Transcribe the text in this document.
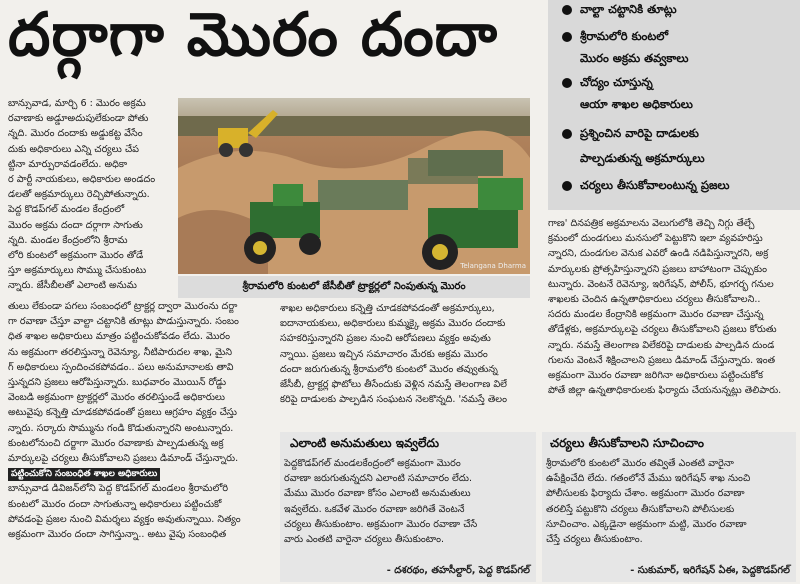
దర్గాగా మొరం దందా	వాల్టా చట్టానికి తూట్లు
శ్రీరామలోరి కుంటలో
మొరం అక్రమ తవ్వకాలు
చోద్యం చూస్తున్న
ఆయా శాఖల అధికారులు
ప్రశ్నించిన వారిపై దాడులకు
పాల్పడుతున్న అక్రమార్కులు
చర్యలు తీసుకోవాలంటున్న ప్రజలు
బాన్సువాడ, మార్చి 6 : మొరం అక్రమ
రవాణాకు అడ్డూఅదుపులేకుండా పోతు
న్నది. మొరం దందాకు అడ్డుకట్ట వేసేం
దుకు అధికారులు ఎన్ని చర్యలు చేప
ట్టినా మార్పురావడంలేదు. అధికా
ర పార్టీ నాయకులు, అధికారుల అండదం
డలతో అక్రమార్కులు రెచ్చిపోతున్నారు.
పెద్ద కొడప్‌గల్ మండల కేంద్రంలో
మొరం అక్రమ దందా దర్గాగా సాగుతు
న్నది. మండల కేంద్రంలోని శ్రీరామ
లోరి కుంటలో అక్రమంగా మొరం తోడే
స్తూ అక్రమార్కులు సొమ్ము చేసుకుంటు
న్నారు. జేసీబీలతో ఎలాంటి అనుమ
Telangana Dharma
శ్రీరామలోరి కుంటలో జేసీబీతో ట్రాక్టర్లలో నింపుతున్న మొరం
గాణ' దినపత్రిక అక్రమాలను వెలుగులోకి తెచ్చి నిగ్గు తేల్చే
క్రమంలో దుండగులు మనసులో పెట్టుకొని ఇలా వ్యవహరిస్తు
న్నారని, దుండగుల వెనుక ఎవరో ఉండి నడిపిస్తున్నారని, అక్ర
మార్కులకు ప్రోత్సహిస్తున్నారని ప్రజలు బాహాటంగా చెప్పుకుం
టున్నారు. వెంటనే రెవెన్యూ, ఇరిగేషన్, పోలీస్, భూగర్భ గనుల
శాఖలకు చెందిన ఉన్నతాధికారులు చర్యలు తీసుకోవాలని..
సదరు మండల కేంద్రానికి అక్రమంగా మొరం రవాణా చేస్తున్న
తోడేళ్లకు, అక్రమార్కులపై చర్యలు తీసుకోవాలని ప్రజలు కోరుతు
న్నారు. నమస్తే తెలంగాణ విలేకరిపై దాడులకు పాల్పడిన దుండ
గులను వెంటనే శిక్షించాలని ప్రజలు డిమాండ్ చేస్తున్నారు. ఇంత
అక్రమంగా మొరం రవాణా జరిగినా అధికారులు పట్టించుకోక
పోతే జిల్లా ఉన్నతాధికారులకు ఫిర్యాదు చేయనున్నట్లు తెలిపారు.
తులు లేకుండా పగలు సంబంధలో ట్రాక్టర్ల ద్వారా మొరంను దర్జా
గా రవాణా చేస్తూ వాల్టా చట్టానికి తూట్లు పొడుస్తున్నారు. సంబం
ధిత శాఖల అధికారులు మాత్రం పట్టించుకోవడం లేదు. మొరం
ను అక్రమంగా తరలిస్తున్నా రెవెన్యూ, నీటిపారుదల శాఖ, మైని
గ్ అధికారులు స్పందించకపోవడం.. పలు అనుమానాలకు తావి
స్తున్నదని ప్రజలు ఆరోపిస్తున్నారు. బుధవారం మొయిన్ రోడ్డు
వెంబడి అక్రమంగా ట్రాక్టర్లలో మొరం తరలిస్తుండే అధికారులు
అటువైపు కన్నెత్తి చూడకపోవడంతో ప్రజలు ఆగ్రహం వ్యక్తం చేస్తు
న్నారు. సర్కారు సొమ్మును గండి కొడుతున్నారని అంటున్నారు.
కుంటలోనుంచి దర్జాగా మొరం రవాణాకు పాల్పడుతున్న అక్ర
మార్కులపై చర్యలు తీసుకోవాలని ప్రజలు డిమాండ్ చేస్తున్నారు.
పట్టించుకోని సంబంధిత శాఖల అధికారులు
బాన్సువాడ డివిజన్‌లోని పెద్ద కొడప్‌గల్ మండలం శ్రీరామలోరి
కుంటలో మొరం దందా సాగుతున్నా అధికారులు పట్టించుకో
పోవడంపై ప్రజల నుంచి విమర్శలు వ్యక్తం అవుతున్నాయి. నిత్యం
అక్రమంగా మొరం దందా సాగిస్తున్నా.. అటు వైపు సంబంధిత
శాఖల అధికారులు కన్నెత్తి చూడకపోవడంతో అక్రమార్కులు,
ఐదానాయకులు, అధికారులు కుమ్మక్కై అక్రమ మొరం దందాకు
సహకరిస్తున్నారని ప్రజల నుంచి ఆరోపణలు వ్యక్తం అవుతు
న్నాయి. ప్రజలు ఇచ్చిన సమాచారం మేరకు అక్రమ మొరం
దందా జరుగుతున్న శ్రీరామలోరి కుంటలో మొరం తవ్వుతున్న
జేసీబీ, ట్రాక్టర్ల ఫొటోలు తీసేందుకు వెళ్లిన నమస్తే తెలంగాణ విలే
కరిపై దాడులకు పాల్పడిన సంఘటన నెలకొన్నది. 'నమస్తే తెలం
ఎలాంటి అనుమతులు ఇవ్వలేదు
పెద్దకొడప్‌గల్ మండలకేంద్రంలో అక్రమంగా మొరం
రవాణా జరుగుతున్నదని ఎలాంటి సమాచారం లేదు.
మేము మొరం రవాణా కోసం ఎలాంటి అనుమతులు
ఇవ్వలేదు. ఒకవేళ మొరం రవాణా జరిగితే వెంటనే
చర్యలు తీసుకుంటాం. అక్రమంగా మొరం రవాణా చేసే
వారు ఎంతటి వారైనా చర్యలు తీసుకుంటాం.
- దశరథం, తహసీల్దార్, పెద్ద కొడప్‌గల్
చర్యలు తీసుకోవాలని సూచించాం
శ్రీరామలోరి కుంటలో మొరం తవ్వితే ఎంతటి వారైనా
ఉపేక్షించేది లేదు. గతంలోనే మేము ఇరిగేషన్ శాఖ నుంచి
పోలీసులకు ఫిర్యాదు చేశాం. అక్రమంగా మొరం రవాణా
తరలిస్తే పట్టుకొని చర్యలు తీసుకోవాలని పోలీసులకు
సూచించాం. ఎక్కడైనా అక్రమంగా మట్టి, మొరం రవాణా
చేస్తే చర్యలు తీసుకుంటాం.
- సుకుమార్, ఇరిగేషన్ ఏఈ, పెద్దకొడప్‌గల్
